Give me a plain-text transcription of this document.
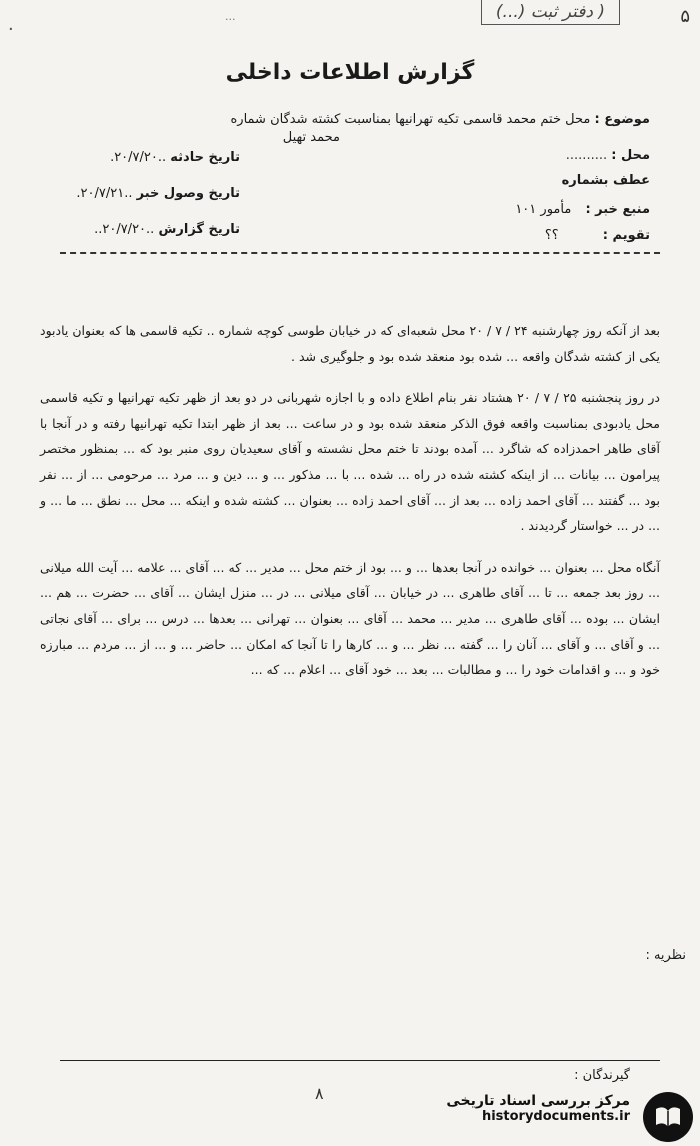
۰
...	( دفتر ثبت (...)	۵
گزارش اطلاعات داخلی
موضوع : محل ختم محمد قاسمی تکیه تهرانیها بمناسبت کشته شدگان شماره
محمد تهیل
محل : ..........
عطف بشماره
منبع خبر : مأمور ۱۰۱
تقویم : ؟؟
تاریخ حادثه ..۲۰/۷/۲۰.
تاریخ وصول خبر ..۲۰/۷/۲۱.
تاریخ گزارش ..۲۰/۷/۲۰..

بعد از آنکه روز چهارشنبه ۲۴ / ۷ / ۲۰ محل شعبه‌ای که در خیابان طوسی کوچه شماره .. تکیه قاسمی ها که بعنوان یادبود یکی از کشته شدگان واقعه ... شده بود منعقد شده بود و جلوگیری شد .

در روز پنجشنبه ۲۵ / ۷ / ۲۰ هشتاد نفر بنام اطلاع داده و با اجازه شهربانی در دو بعد از ظهر تکیه تهرانیها و تکیه قاسمی محل یادبودی بمناسبت واقعه فوق الذکر منعقد شده بود و در ساعت ... بعد از ظهر ابتدا تکیه تهرانیها رفته و در آنجا با آقای طاهر احمدزاده که شاگرد ... آمده بودند تا ختم محل نشسته و آقای سعیدیان روی منبر بود که ... بمنظور مختصر پیرامون ... بیانات ... از اینکه کشته شده در راه ... شده ... با ... مذکور ... و ... دین و ... مرد ... مرحومی ... از ... نفر بود ... گفتند ... آقای احمد زاده ... بعد از ... آقای احمد زاده ... بعنوان ... کشته شده و اینکه ... محل ... نطق ... ما ... و ... در ... خواستار گردیدند .

آنگاه محل ... بعنوان ... خوانده در آنجا بعدها ... و ... بود از ختم محل ... مدیر ... که ... آقای ... علامه ... آیت الله میلانی ... روز بعد جمعه ... تا ... آقای طاهری ... در خیابان ... آقای میلانی ... در ... منزل ایشان ... آقای ... حضرت ... هم ... ایشان ... بوده ... آقای طاهری ... مدیر ... محمد ... آقای ... بعنوان ... تهرانی ... بعدها ... درس ... برای ... آقای نجاتی ... و آقای ... و آقای ... آنان را ... گفته ... نظر ... و ... کارها را تا آنجا که امکان ... حاضر ... و ... از ... مردم ... مبارزه خود و ... و اقدامات خود را ... و مطالبات ... بعد ... خود آقای ... اعلام ... که ...

نظریه :
گیرندگان :
۸	مرکز بررسی اسناد تاریخی
historydocuments.ir
